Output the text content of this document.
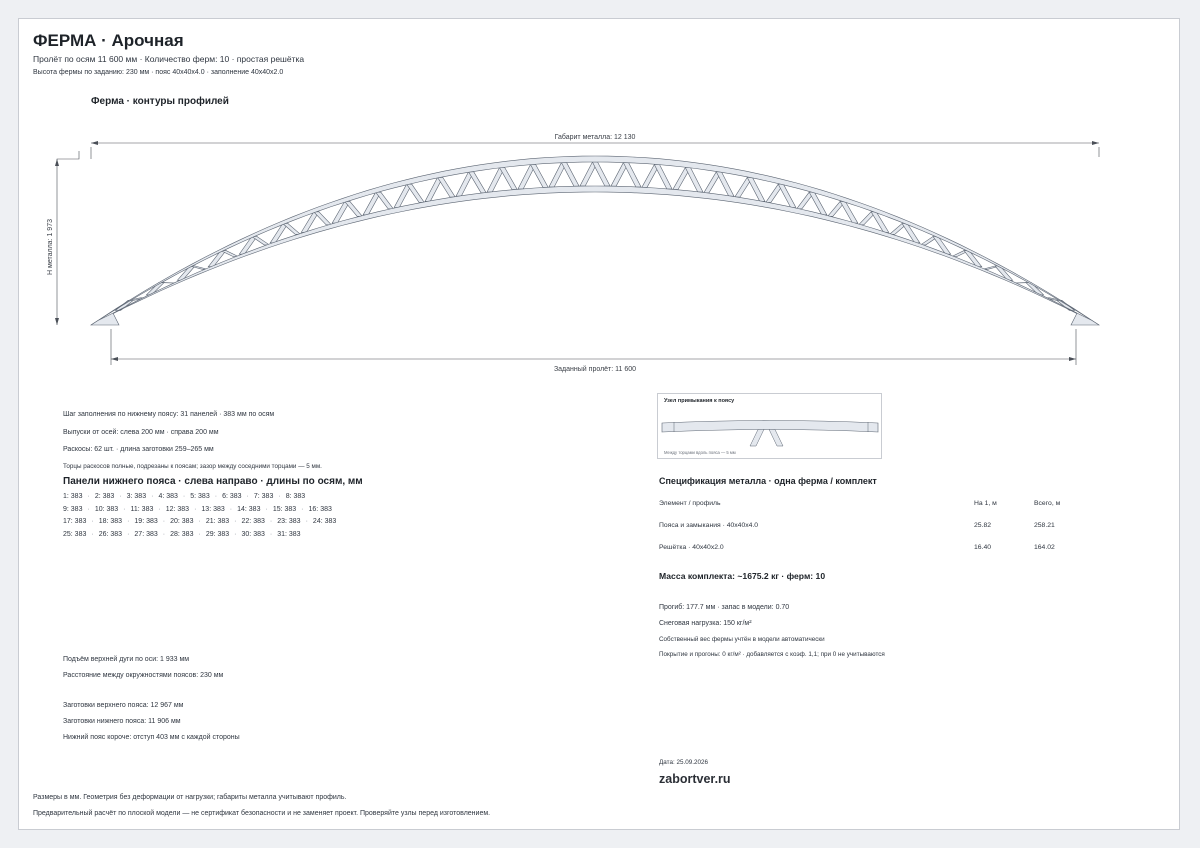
ФЕРМА · Арочная
Пролёт по осям 11 600 мм · Количество ферм: 10 · простая решётка
Высота фермы по заданию: 230 мм · пояс 40х40х4.0 · заполнение 40х40х2.0
Ферма · контуры профилей
Габарит металла: 12 130
Н металла: 1 973
Заданный пролёт: 11 600
Шаг заполнения по нижнему поясу: 31 панелей · 383 мм по осям
Выпуски от осей: слева 200 мм · справа 200 мм
Раскосы: 62 шт. · длина заготовки 259–265 мм
Торцы раскосов полные, подрезаны к поясам; зазор между соседними торцами — 5 мм.
Панели нижнего пояса · слева направо · длины по осям, мм
1: 383 · 2: 383 · 3: 383 · 4: 383 · 5: 383 · 6: 383 · 7: 383 · 8: 383
9: 383 · 10: 383 · 11: 383 · 12: 383 · 13: 383 · 14: 383 · 15: 383 · 16: 383
17: 383 · 18: 383 · 19: 383 · 20: 383 · 21: 383 · 22: 383 · 23: 383 · 24: 383
25: 383 · 26: 383 · 27: 383 · 28: 383 · 29: 383 · 30: 383 · 31: 383
Подъём верхней дуги по оси: 1 933 мм
Расстояние между окружностями поясов: 230 мм
Заготовки верхнего пояса: 12 967 мм
Заготовки нижнего пояса: 11 906 мм
Нижний пояс короче: отступ 403 мм с каждой стороны
Размеры в мм. Геометрия без деформации от нагрузки; габариты металла учитывают профиль.
Предварительный расчёт по плоской модели — не сертификат безопасности и не заменяет проект. Проверяйте узлы перед изготовлением.
Узел примыкания к поясу
Между торцами вдоль пояса — 5 мм
Спецификация металла · одна ферма / комплект
Элемент / профиль	На 1, м	Всего, м
Пояса и замыкания · 40х40х4.0	25.82	258.21
Решётка · 40х40х2.0	16.40	164.02
Масса комплекта: ~1675.2 кг · ферм: 10
Прогиб: 177.7 мм · запас в модели: 0.70
Снеговая нагрузка: 150 кг/м²
Собственный вес фермы учтён в модели автоматически
Покрытие и прогоны: 0 кг/м² · добавляется с коэф. 1,1; при 0 не учитываются
Дата: 25.09.2026
zabortver.ru
